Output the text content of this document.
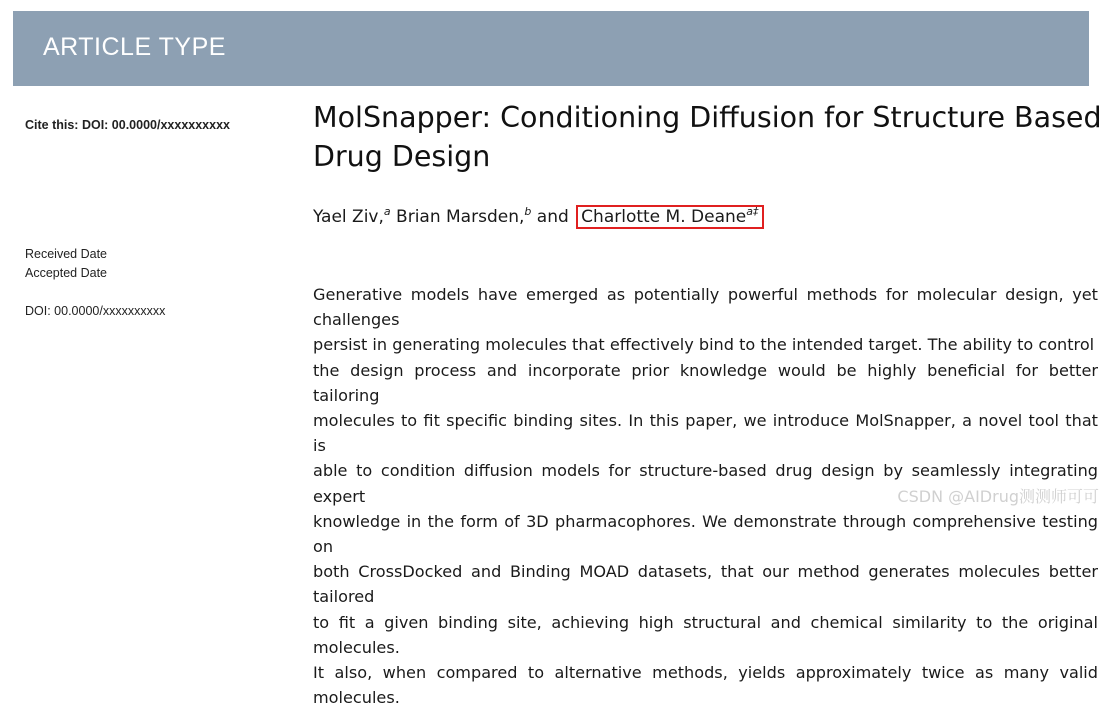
ARTICLE TYPE
Cite this: DOI: 00.0000/xxxxxxxxxx
Received Date
Accepted Date
DOI: 00.0000/xxxxxxxxxx
MolSnapper: Conditioning Diffusion for Structure Based Drug Design
Yael Ziv,$^a$ Brian Marsden,$^b$ and Charlotte M. Deane$^{a\ddagger}$
Generative models have emerged as potentially powerful methods for molecular design, yet challenges
persist in generating molecules that effectively bind to the intended target. The ability to control
the design process and incorporate prior knowledge would be highly beneficial for better tailoring
molecules to fit specific binding sites. In this paper, we introduce MolSnapper, a novel tool that is
able to condition diffusion models for structure-based drug design by seamlessly integrating expert
knowledge in the form of 3D pharmacophores. We demonstrate through comprehensive testing on
both CrossDocked and Binding MOAD datasets, that our method generates molecules better tailored
to fit a given binding site, achieving high structural and chemical similarity to the original molecules.
It also, when compared to alternative methods, yields approximately twice as many valid molecules.
CSDN @AIDrug测测师可可
